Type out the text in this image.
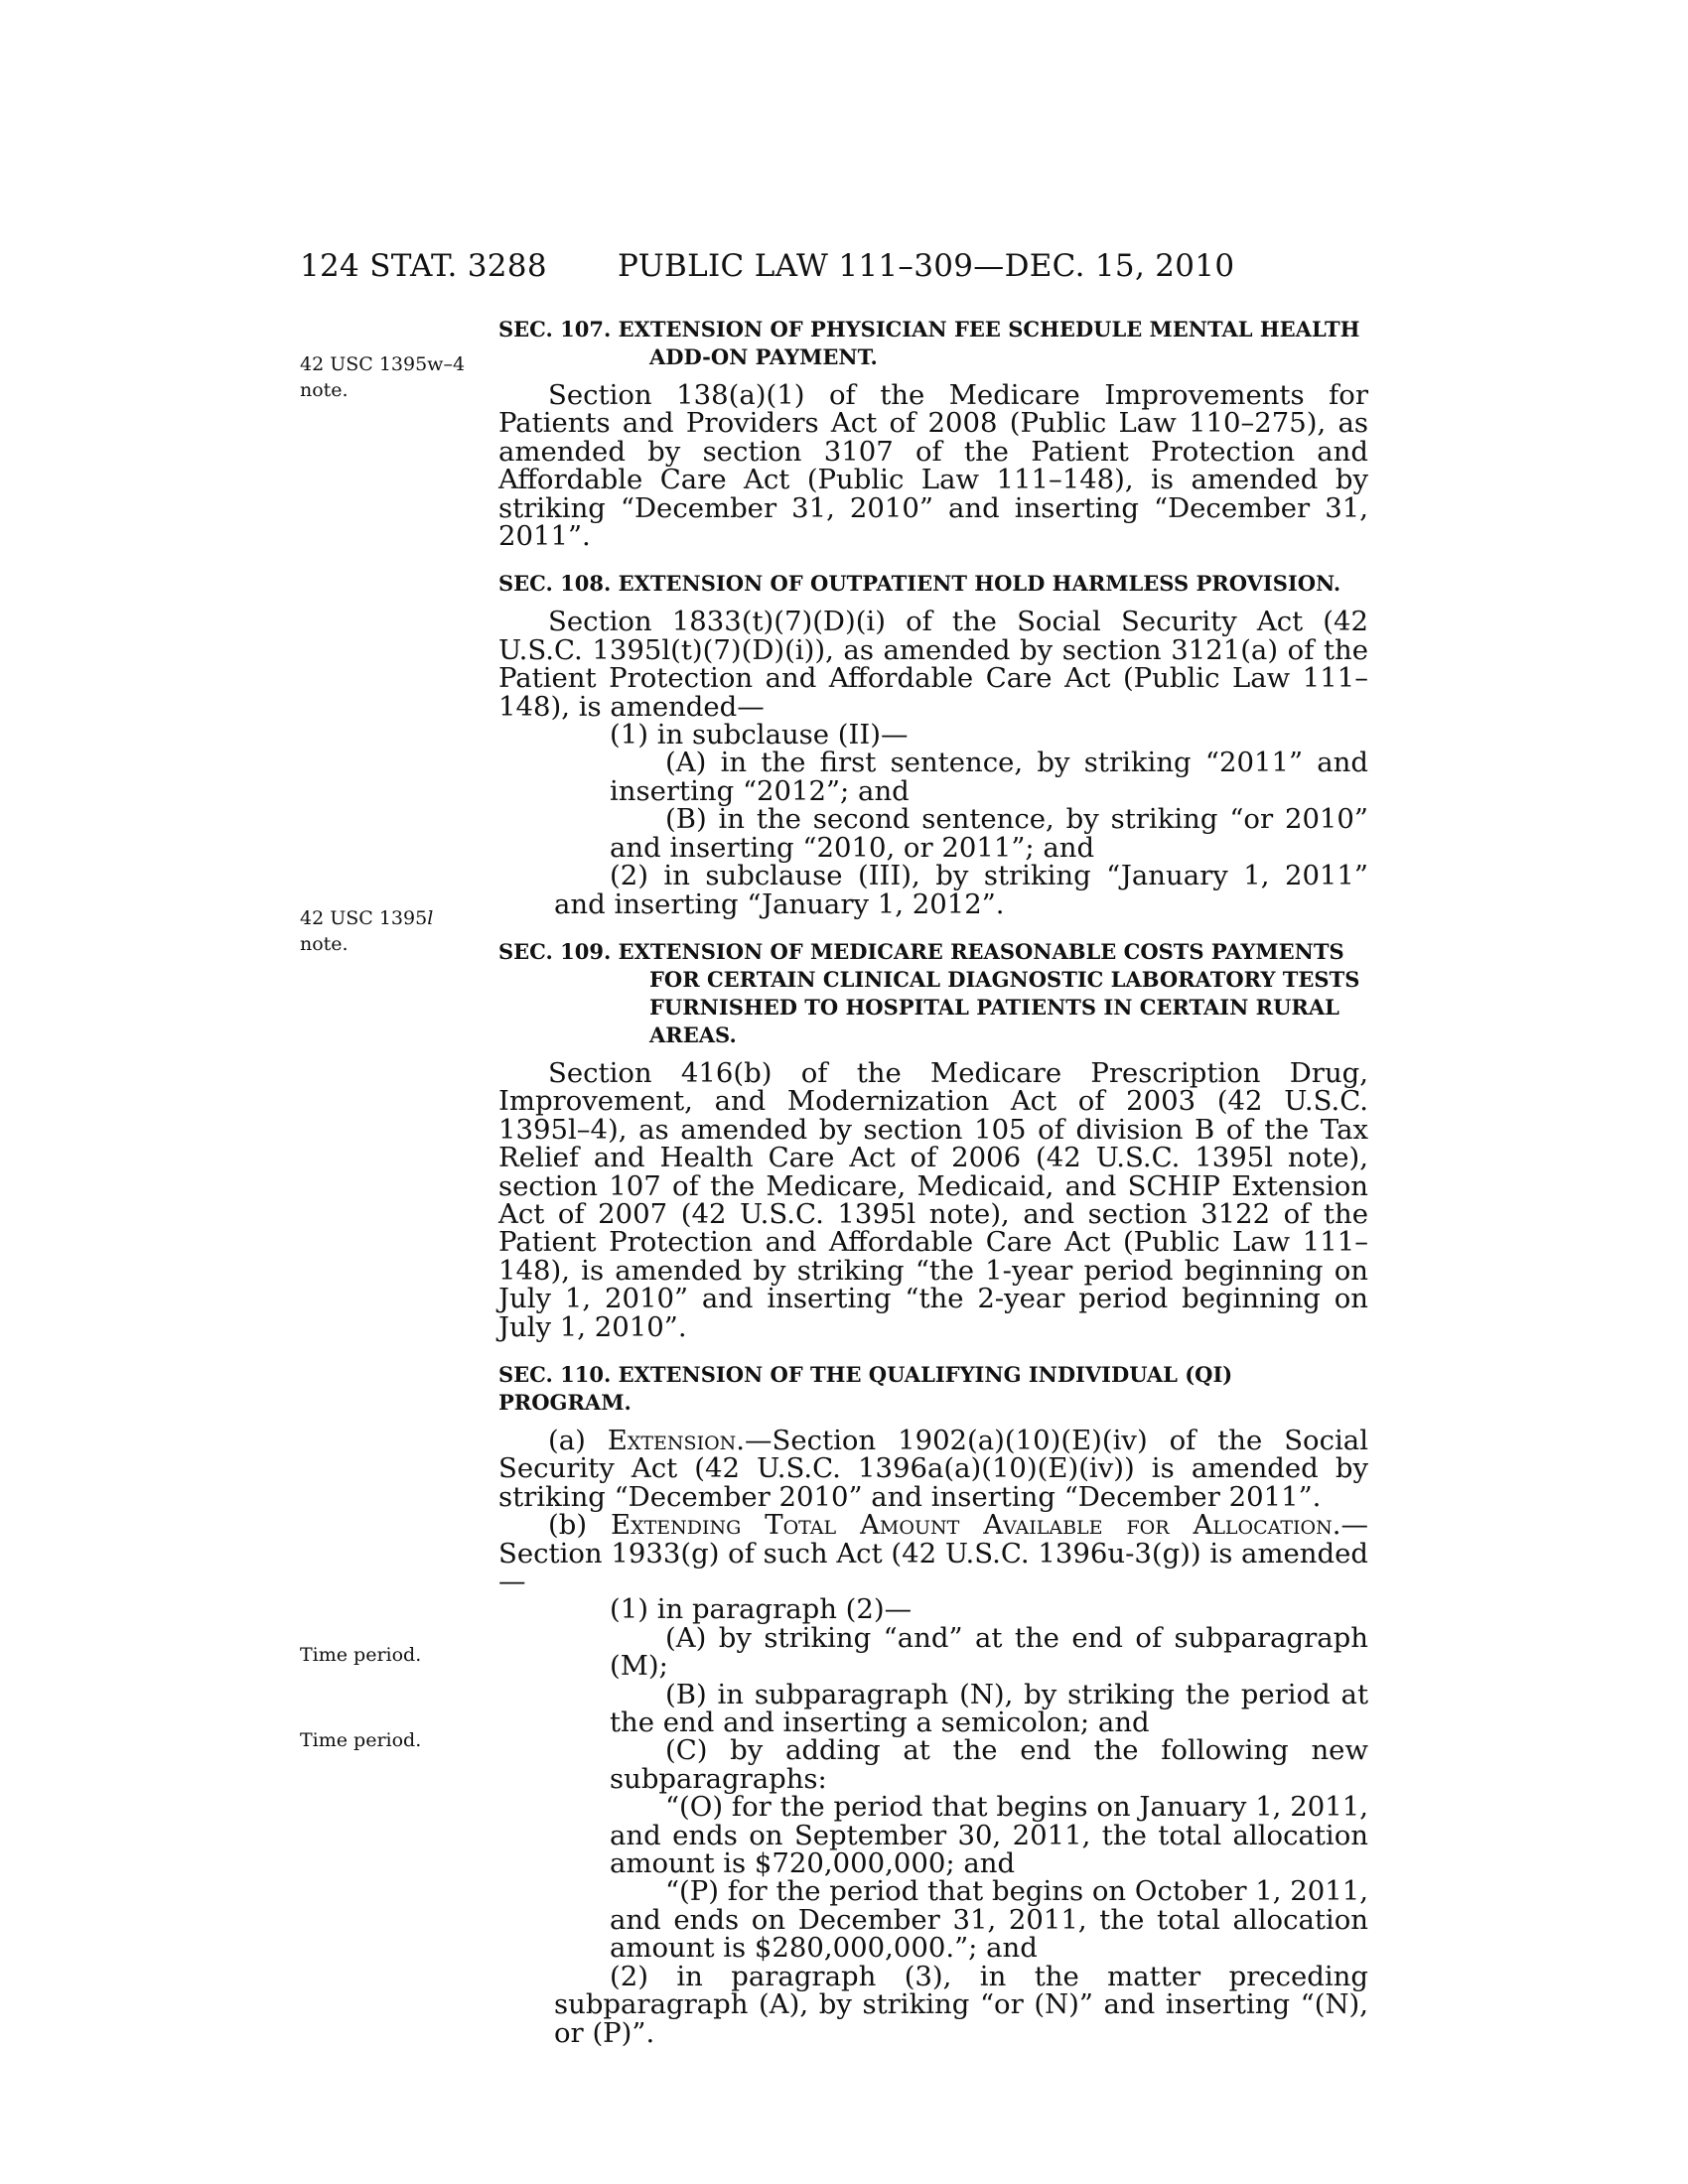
124 STAT. 3288 PUBLIC LAW 111–309—DEC. 15, 2010
42 USC 1395w–4
note.
42 USC 1395l
note.
Time period.
Time period.
SEC. 107. EXTENSION OF PHYSICIAN FEE SCHEDULE MENTAL HEALTH ADD-ON PAYMENT.

Section 138(a)(1) of the Medicare Improvements for Patients and Providers Act of 2008 (Public Law 110–275), as amended by section 3107 of the Patient Protection and Affordable Care Act (Public Law 111–148), is amended by striking “December 31, 2010” and inserting “December 31, 2011”.

SEC. 108. EXTENSION OF OUTPATIENT HOLD HARMLESS PROVISION.

Section 1833(t)(7)(D)(i) of the Social Security Act (42 U.S.C. 1395l(t)(7)(D)(i)), as amended by section 3121(a) of the Patient Protection and Affordable Care Act (Public Law 111–148), is amended—

(1) in subclause (II)—

(A) in the first sentence, by striking “2011” and inserting “2012”; and

(B) in the second sentence, by striking “or 2010” and inserting “2010, or 2011”; and

(2) in subclause (III), by striking “January 1, 2011” and inserting “January 1, 2012”.

SEC. 109. EXTENSION OF MEDICARE REASONABLE COSTS PAYMENTS FOR CERTAIN CLINICAL DIAGNOSTIC LABORATORY TESTS FURNISHED TO HOSPITAL PATIENTS IN CERTAIN RURAL AREAS.

Section 416(b) of the Medicare Prescription Drug, Improvement, and Modernization Act of 2003 (42 U.S.C. 1395l–4), as amended by section 105 of division B of the Tax Relief and Health Care Act of 2006 (42 U.S.C. 1395l note), section 107 of the Medicare, Medicaid, and SCHIP Extension Act of 2007 (42 U.S.C. 1395l note), and section 3122 of the Patient Protection and Affordable Care Act (Public Law 111–148), is amended by striking “the 1-year period beginning on July 1, 2010” and inserting “the 2-year period beginning on July 1, 2010”.

SEC. 110. EXTENSION OF THE QUALIFYING INDIVIDUAL (QI) PROGRAM.

(a) Extension.—Section 1902(a)(10)(E)(iv) of the Social Security Act (42 U.S.C. 1396a(a)(10)(E)(iv)) is amended by striking “December 2010” and inserting “December 2011”.

(b) Extending Total Amount Available for Allocation.— Section 1933(g) of such Act (42 U.S.C. 1396u-3(g)) is amended—

(1) in paragraph (2)—

(A) by striking “and” at the end of subparagraph (M);

(B) in subparagraph (N), by striking the period at the end and inserting a semicolon; and

(C) by adding at the end the following new subparagraphs:

“(O) for the period that begins on January 1, 2011, and ends on September 30, 2011, the total allocation amount is $720,000,000; and

“(P) for the period that begins on October 1, 2011, and ends on December 31, 2011, the total allocation amount is $280,000,000.”; and

(2) in paragraph (3), in the matter preceding subparagraph (A), by striking “or (N)” and inserting “(N), or (P)”.
